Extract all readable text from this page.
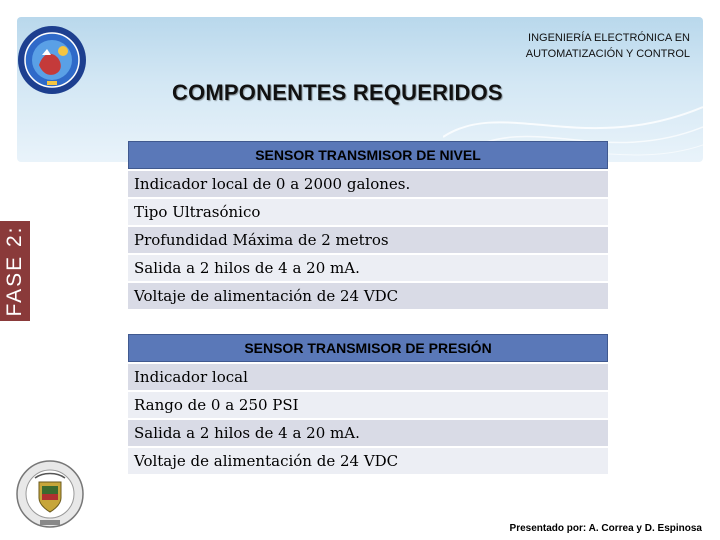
INGENIERÍA ELECTRÓNICA EN
AUTOMATIZACIÓN Y CONTROL
COMPONENTES REQUERIDOS
FASE 2:
SENSOR TRANSMISOR DE NIVEL
Indicador local de 0 a 2000 galones.
Tipo Ultrasónico
Profundidad Máxima de 2 metros
Salida a 2 hilos de 4 a 20 mA.
Voltaje de alimentación de 24 VDC
SENSOR TRANSMISOR DE PRESIÓN
Indicador local
Rango de 0 a 250 PSI
Salida a 2 hilos de 4 a 20 mA.
Voltaje de alimentación de 24 VDC
Presentado por: A. Correa y D. Espinosa
